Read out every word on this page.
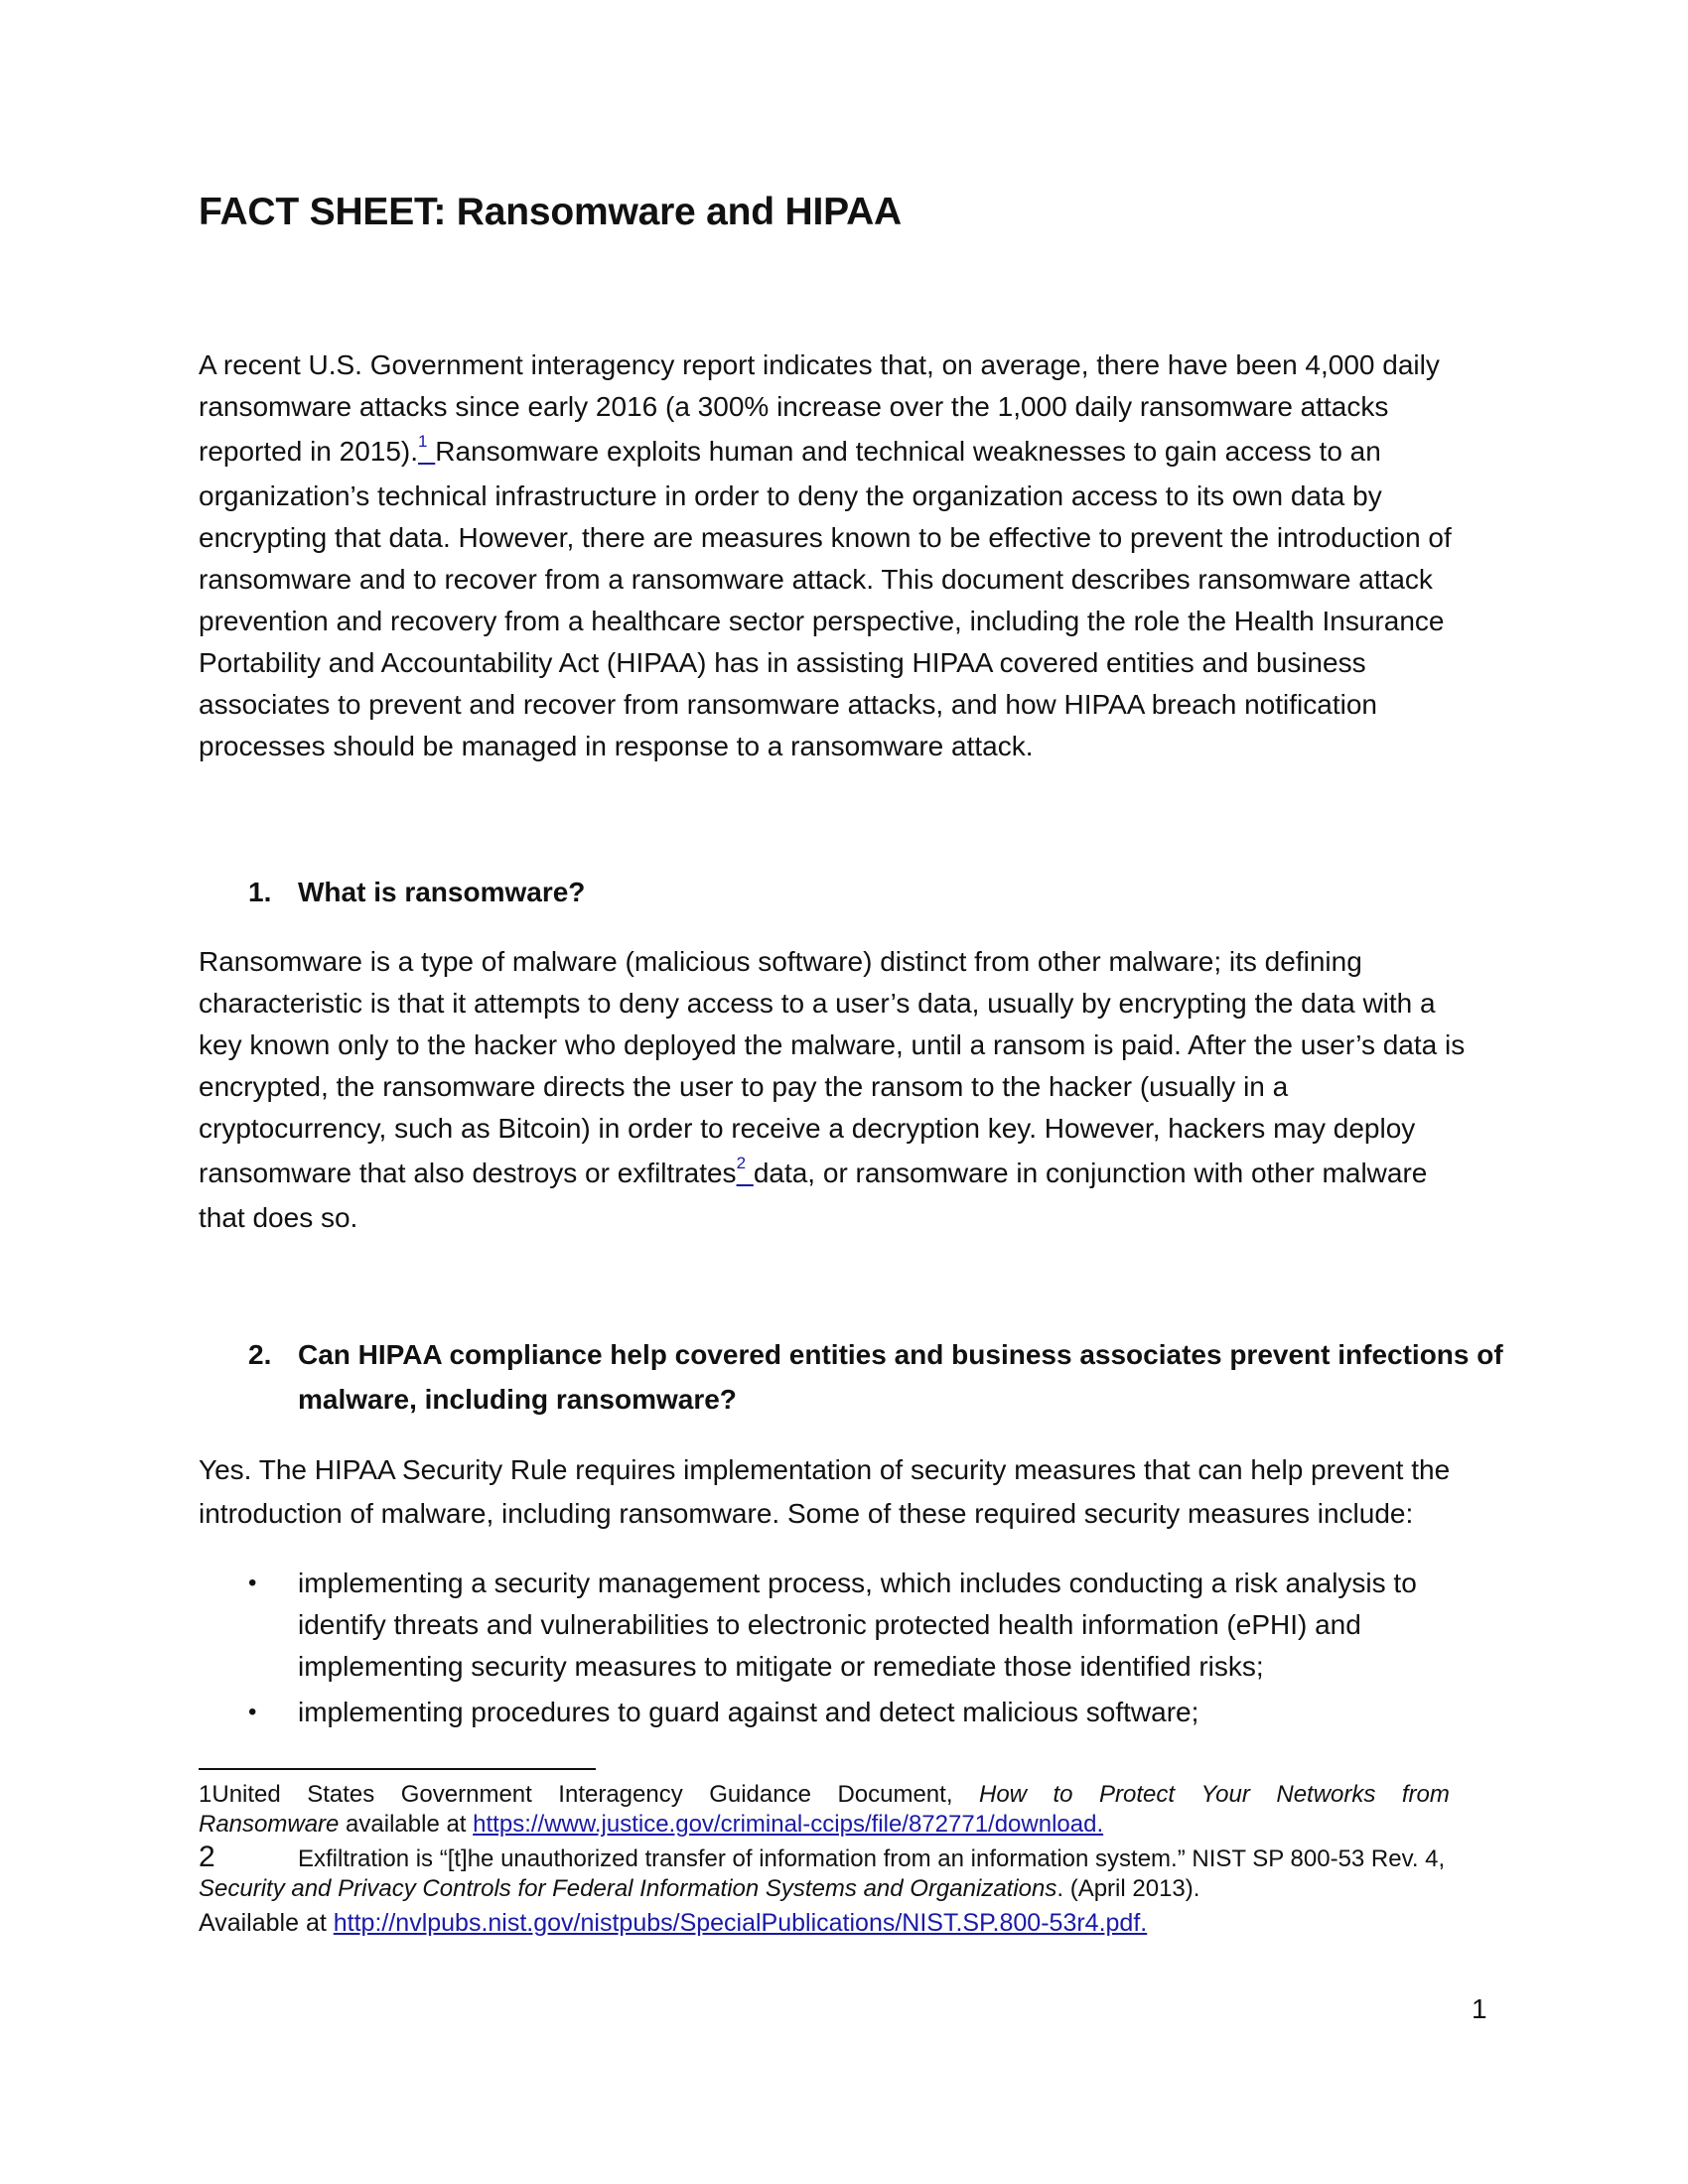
FACT SHEET: Ransomware and HIPAA
A recent U.S. Government interagency report indicates that, on average, there have been 4,000 daily
ransomware attacks since early 2016 (a 300% increase over the 1,000 daily ransomware attacks
reported in 2015).$^1$ Ransomware exploits human and technical weaknesses to gain access to an
organization’s technical infrastructure in order to deny the organization access to its own data by
encrypting that data. However, there are measures known to be effective to prevent the introduction of
ransomware and to recover from a ransomware attack. This document describes ransomware attack
prevention and recovery from a healthcare sector perspective, including the role the Health Insurance
Portability and Accountability Act (HIPAA) has in assisting HIPAA covered entities and business
associates to prevent and recover from ransomware attacks, and how HIPAA breach notification
processes should be managed in response to a ransomware attack.
1. What is ransomware?
Ransomware is a type of malware (malicious software) distinct from other malware; its defining
characteristic is that it attempts to deny access to a user’s data, usually by encrypting the data with a
key known only to the hacker who deployed the malware, until a ransom is paid. After the user’s data is
encrypted, the ransomware directs the user to pay the ransom to the hacker (usually in a
cryptocurrency, such as Bitcoin) in order to receive a decryption key. However, hackers may deploy
ransomware that also destroys or exfiltrates$^2$ data, or ransomware in conjunction with other malware
that does so.
2. Can HIPAA compliance help covered entities and business associates prevent infections of
malware, including ransomware?
Yes. The HIPAA Security Rule requires implementation of security measures that can help prevent the
introduction of malware, including ransomware. Some of these required security measures include:
•	implementing a security management process, which includes conducting a risk analysis to
identify threats and vulnerabilities to electronic protected health information (ePHI) and
implementing security measures to mitigate or remediate those identified risks;
•	implementing procedures to guard against and detect malicious software;
1United States Government Interagency Guidance Document, How to Protect Your Networks from
Ransomware available at https://www.justice.gov/criminal-ccips/file/872771/download.
2	Exfiltration is “[t]he unauthorized transfer of information from an information system.” NIST SP 800-53 Rev. 4,
Security and Privacy Controls for Federal Information Systems and Organizations. (April 2013).
Available at http://nvlpubs.nist.gov/nistpubs/SpecialPublications/NIST.SP.800-53r4.pdf.
1
